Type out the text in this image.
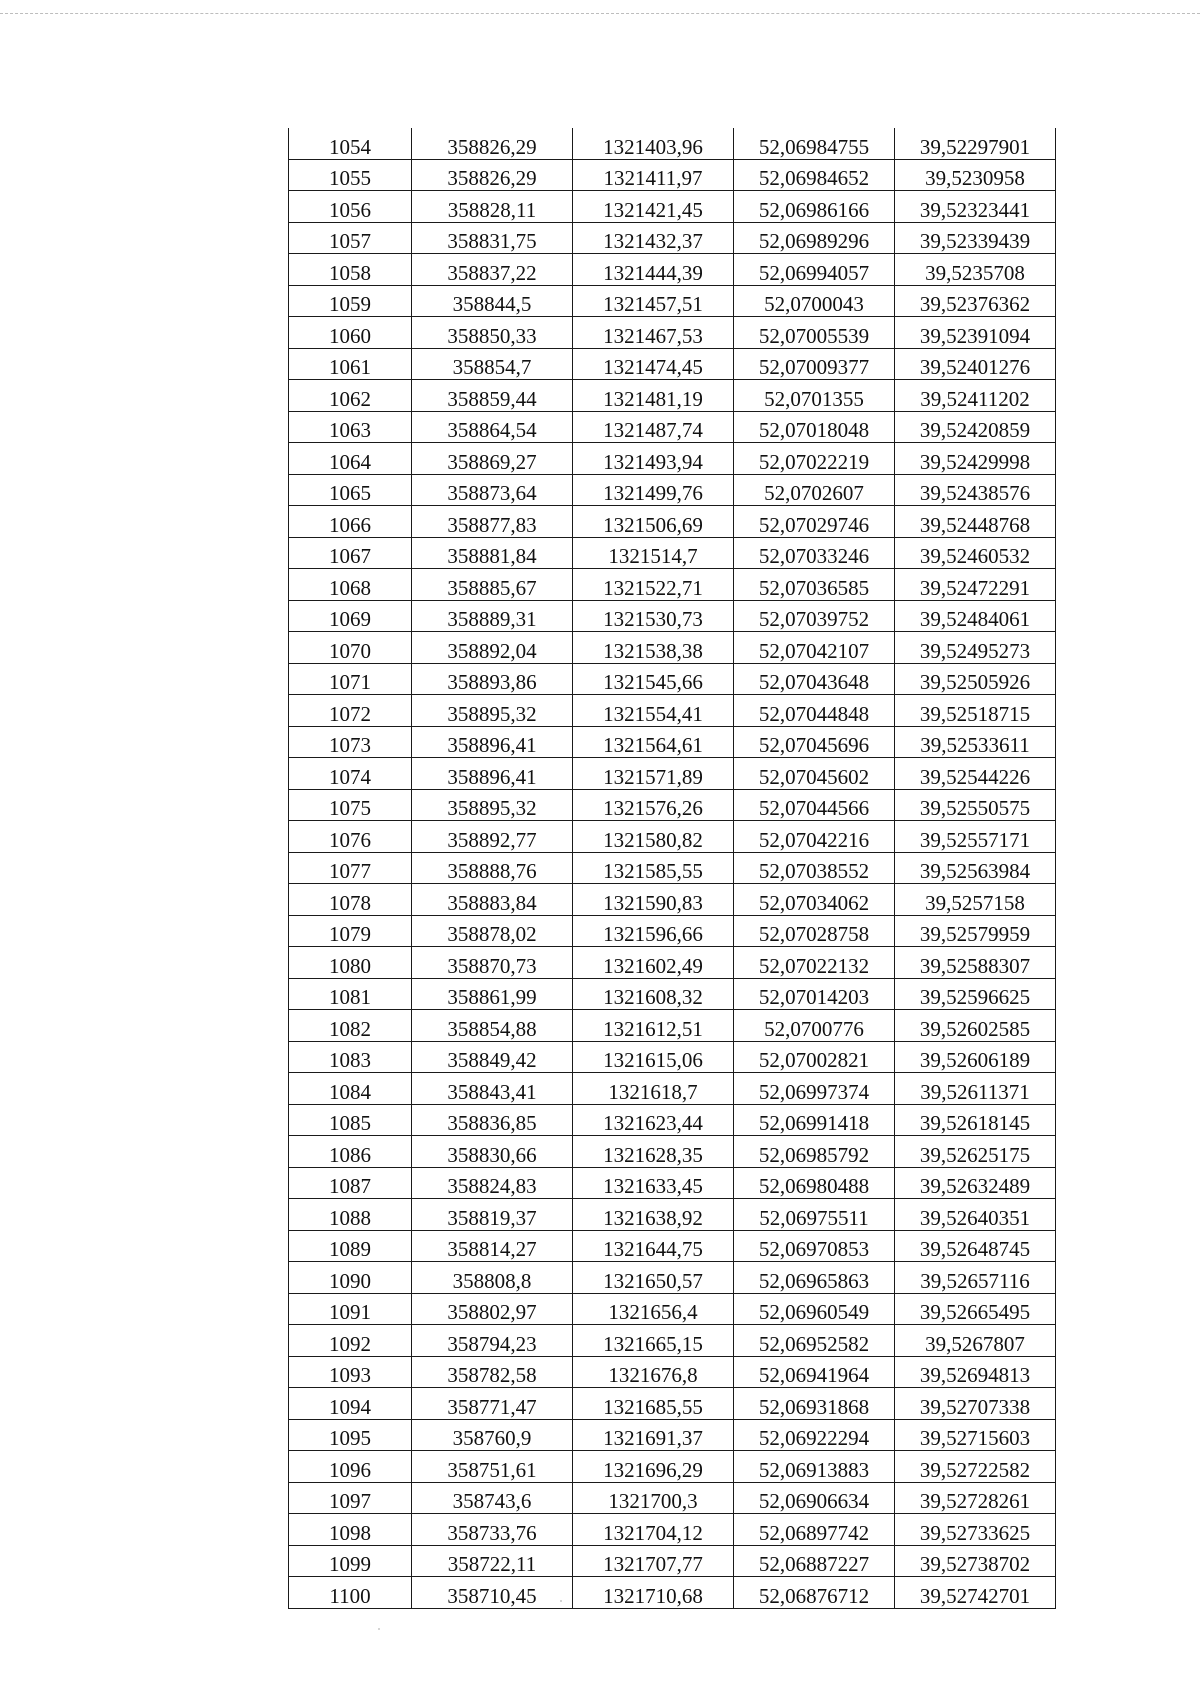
1054	358826,29	1321403,96	52,06984755	39,52297901
1055	358826,29	1321411,97	52,06984652	39,5230958
1056	358828,11	1321421,45	52,06986166	39,52323441
1057	358831,75	1321432,37	52,06989296	39,52339439
1058	358837,22	1321444,39	52,06994057	39,5235708
1059	358844,5	1321457,51	52,0700043	39,52376362
1060	358850,33	1321467,53	52,07005539	39,52391094
1061	358854,7	1321474,45	52,07009377	39,52401276
1062	358859,44	1321481,19	52,0701355	39,52411202
1063	358864,54	1321487,74	52,07018048	39,52420859
1064	358869,27	1321493,94	52,07022219	39,52429998
1065	358873,64	1321499,76	52,0702607	39,52438576
1066	358877,83	1321506,69	52,07029746	39,52448768
1067	358881,84	1321514,7	52,07033246	39,52460532
1068	358885,67	1321522,71	52,07036585	39,52472291
1069	358889,31	1321530,73	52,07039752	39,52484061
1070	358892,04	1321538,38	52,07042107	39,52495273
1071	358893,86	1321545,66	52,07043648	39,52505926
1072	358895,32	1321554,41	52,07044848	39,52518715
1073	358896,41	1321564,61	52,07045696	39,52533611
1074	358896,41	1321571,89	52,07045602	39,52544226
1075	358895,32	1321576,26	52,07044566	39,52550575
1076	358892,77	1321580,82	52,07042216	39,52557171
1077	358888,76	1321585,55	52,07038552	39,52563984
1078	358883,84	1321590,83	52,07034062	39,5257158
1079	358878,02	1321596,66	52,07028758	39,52579959
1080	358870,73	1321602,49	52,07022132	39,52588307
1081	358861,99	1321608,32	52,07014203	39,52596625
1082	358854,88	1321612,51	52,0700776	39,52602585
1083	358849,42	1321615,06	52,07002821	39,52606189
1084	358843,41	1321618,7	52,06997374	39,52611371
1085	358836,85	1321623,44	52,06991418	39,52618145
1086	358830,66	1321628,35	52,06985792	39,52625175
1087	358824,83	1321633,45	52,06980488	39,52632489
1088	358819,37	1321638,92	52,06975511	39,52640351
1089	358814,27	1321644,75	52,06970853	39,52648745
1090	358808,8	1321650,57	52,06965863	39,52657116
1091	358802,97	1321656,4	52,06960549	39,52665495
1092	358794,23	1321665,15	52,06952582	39,5267807
1093	358782,58	1321676,8	52,06941964	39,52694813
1094	358771,47	1321685,55	52,06931868	39,52707338
1095	358760,9	1321691,37	52,06922294	39,52715603
1096	358751,61	1321696,29	52,06913883	39,52722582
1097	358743,6	1321700,3	52,06906634	39,52728261
1098	358733,76	1321704,12	52,06897742	39,52733625
1099	358722,11	1321707,77	52,06887227	39,52738702
1100	358710,45	1321710,68	52,06876712	39,52742701
